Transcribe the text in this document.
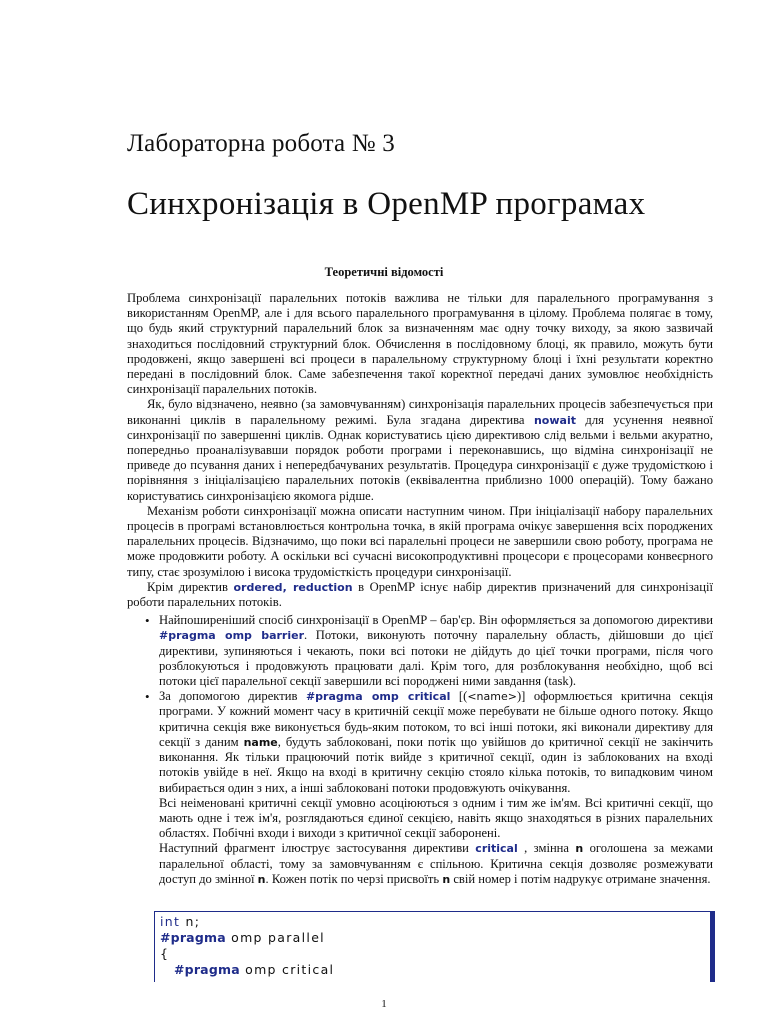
Лабораторна робота № 3
Синхронізація в OpenMP програмах
Теоретичні відомості

Проблема синхронізації паралельних потоків важлива не тільки для паралельного програмування з використанням OpenMP, але і для всього паралельного програмування в цілому. Проблема полягає в тому, що будь який структурний паралельний блок за визначенням має одну точку виходу, за якою зазвичай знаходиться послідовний структурний блок. Обчислення в послідовному блоці, як правило, можуть бути продовжені, якщо завершені всі процеси в паралельному структурному блоці і їхні результати коректно передані в послідовний блок. Саме забезпечення такої коректної передачі даних зумовлює необхідність синхронізації паралельних потоків.

Як, було відзначено, неявно (за замовчуванням) синхронізація паралельних процесів забезпечується при виконанні циклів в паралельному режимі. Була згадана директива nowait для усунення неявної синхронізації по завершенні циклів. Однак користуватись цією директивою слід вельми і вельми акуратно, попередньо проаналізувавши порядок роботи програми і переконавшись, що відміна синхронізації не приведе до псування даних і непередбачуваних результатів. Процедура синхронізації є дуже трудомісткою і порівняння з ініціалізацією паралельних потоків (еквівалентна приблизно 1000 операцій). Тому бажано користуватись синхронізацією якомога рідше.

Механізм роботи синхронізації можна описати наступним чином. При ініціалізації набору паралельних процесів в програмі встановлюється контрольна точка, в якій програма очікує завершення всіх породжених паралельних процесів. Відзначимо, що поки всі паралельні процеси не завершили свою роботу, програма не може продовжити роботу. А оскільки всі сучасні високопродуктивні процесори є процесорами конвеєрного типу, стає зрозумілою і висока трудомісткість процедури синхронізації.

Крім директив ordered, reduction в OpenMP існує набір директив призначений для синхронізації роботи паралельних потоків.

• Найпоширеніший спосіб синхронізації в OpenMP – бар'єр. Він оформляється за допомогою директиви #pragma omp barrier. Потоки, виконують поточну паралельну область, дійшовши до цієї директиви, зупиняються і чекають, поки всі потоки не дійдуть до цієї точки програми, після чого розблокуються і продовжують працювати далі. Крім того, для розблокування необхідно, щоб всі потоки цієї паралельної секції завершили всі породжені ними завдання (task).
• За допомогою директив #pragma omp critical [(<name>)] оформлюється критична секція програми. У кожний момент часу в критичній секції може перебувати не більше одного потоку. Якщо критична секція вже виконується будь-яким потоком, то всі інші потоки, які виконали директиву для секції з даним name, будуть заблоковані, поки потік що увійшов до критичної секції не закінчить виконання. Як тільки працюючий потік вийде з критичної секції, один із заблокованих на вході потоків увійде в неї. Якщо на вході в критичну секцію стояло кілька потоків, то випадковим чином вибирається один з них, а інші заблоковані потоки продовжують очікування.
Всі неіменовані критичні секції умовно асоціюються з одним і тим же ім'ям. Всі критичні секції, що мають одне і теж ім'я, розглядаються єдиної секцією, навіть якщо знаходяться в різних паралельних областях. Побічні входи і виходи з критичної секції заборонені.
Наступний фрагмент ілюструє застосування директиви critical , змінна n оголошена за межами паралельної області, тому за замовчуванням є спільною. Критична секція дозволяє розмежувати доступ до змінної n. Кожен потік по черзі присвоїть n свій номер і потім надрукує отримане значення.
int n;
#pragma omp parallel
{
#pragma omp critical
1
